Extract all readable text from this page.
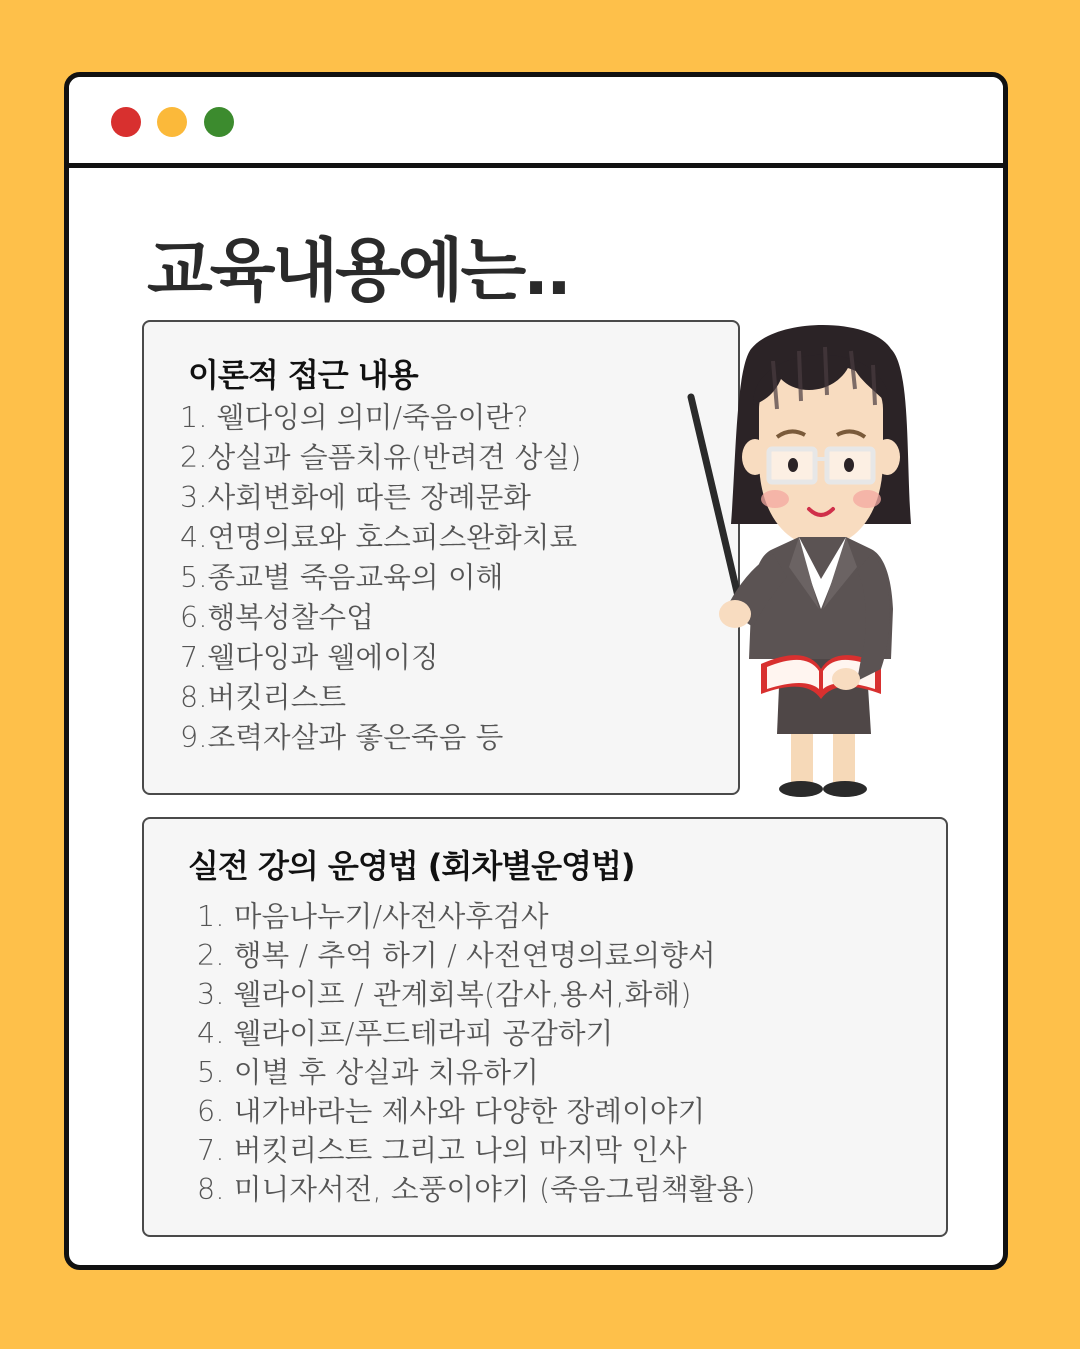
교육내용에는..
이론적 접근 내용
1. 웰다잉의 의미/죽음이란?
2.상실과 슬픔치유(반려견 상실)
3.사회변화에 따른 장례문화
4.연명의료와 호스피스완화치료
5.종교별 죽음교육의 이해
6.행복성찰수업
7.웰다잉과 웰에이징
8.버킷리스트
9.조력자살과 좋은죽음 등
실전 강의 운영법 (회차별운영법)
1. 마음나누기/사전사후검사
2. 행복 / 추억 하기 / 사전연명의료의향서
3. 웰라이프 / 관계회복(감사,용서,화해)
4. 웰라이프/푸드테라피 공감하기
5. 이별 후 상실과 치유하기
6. 내가바라는 제사와 다양한 장례이야기
7. 버킷리스트 그리고 나의 마지막 인사
8. 미니자서전, 소풍이야기 (죽음그림책활용)
